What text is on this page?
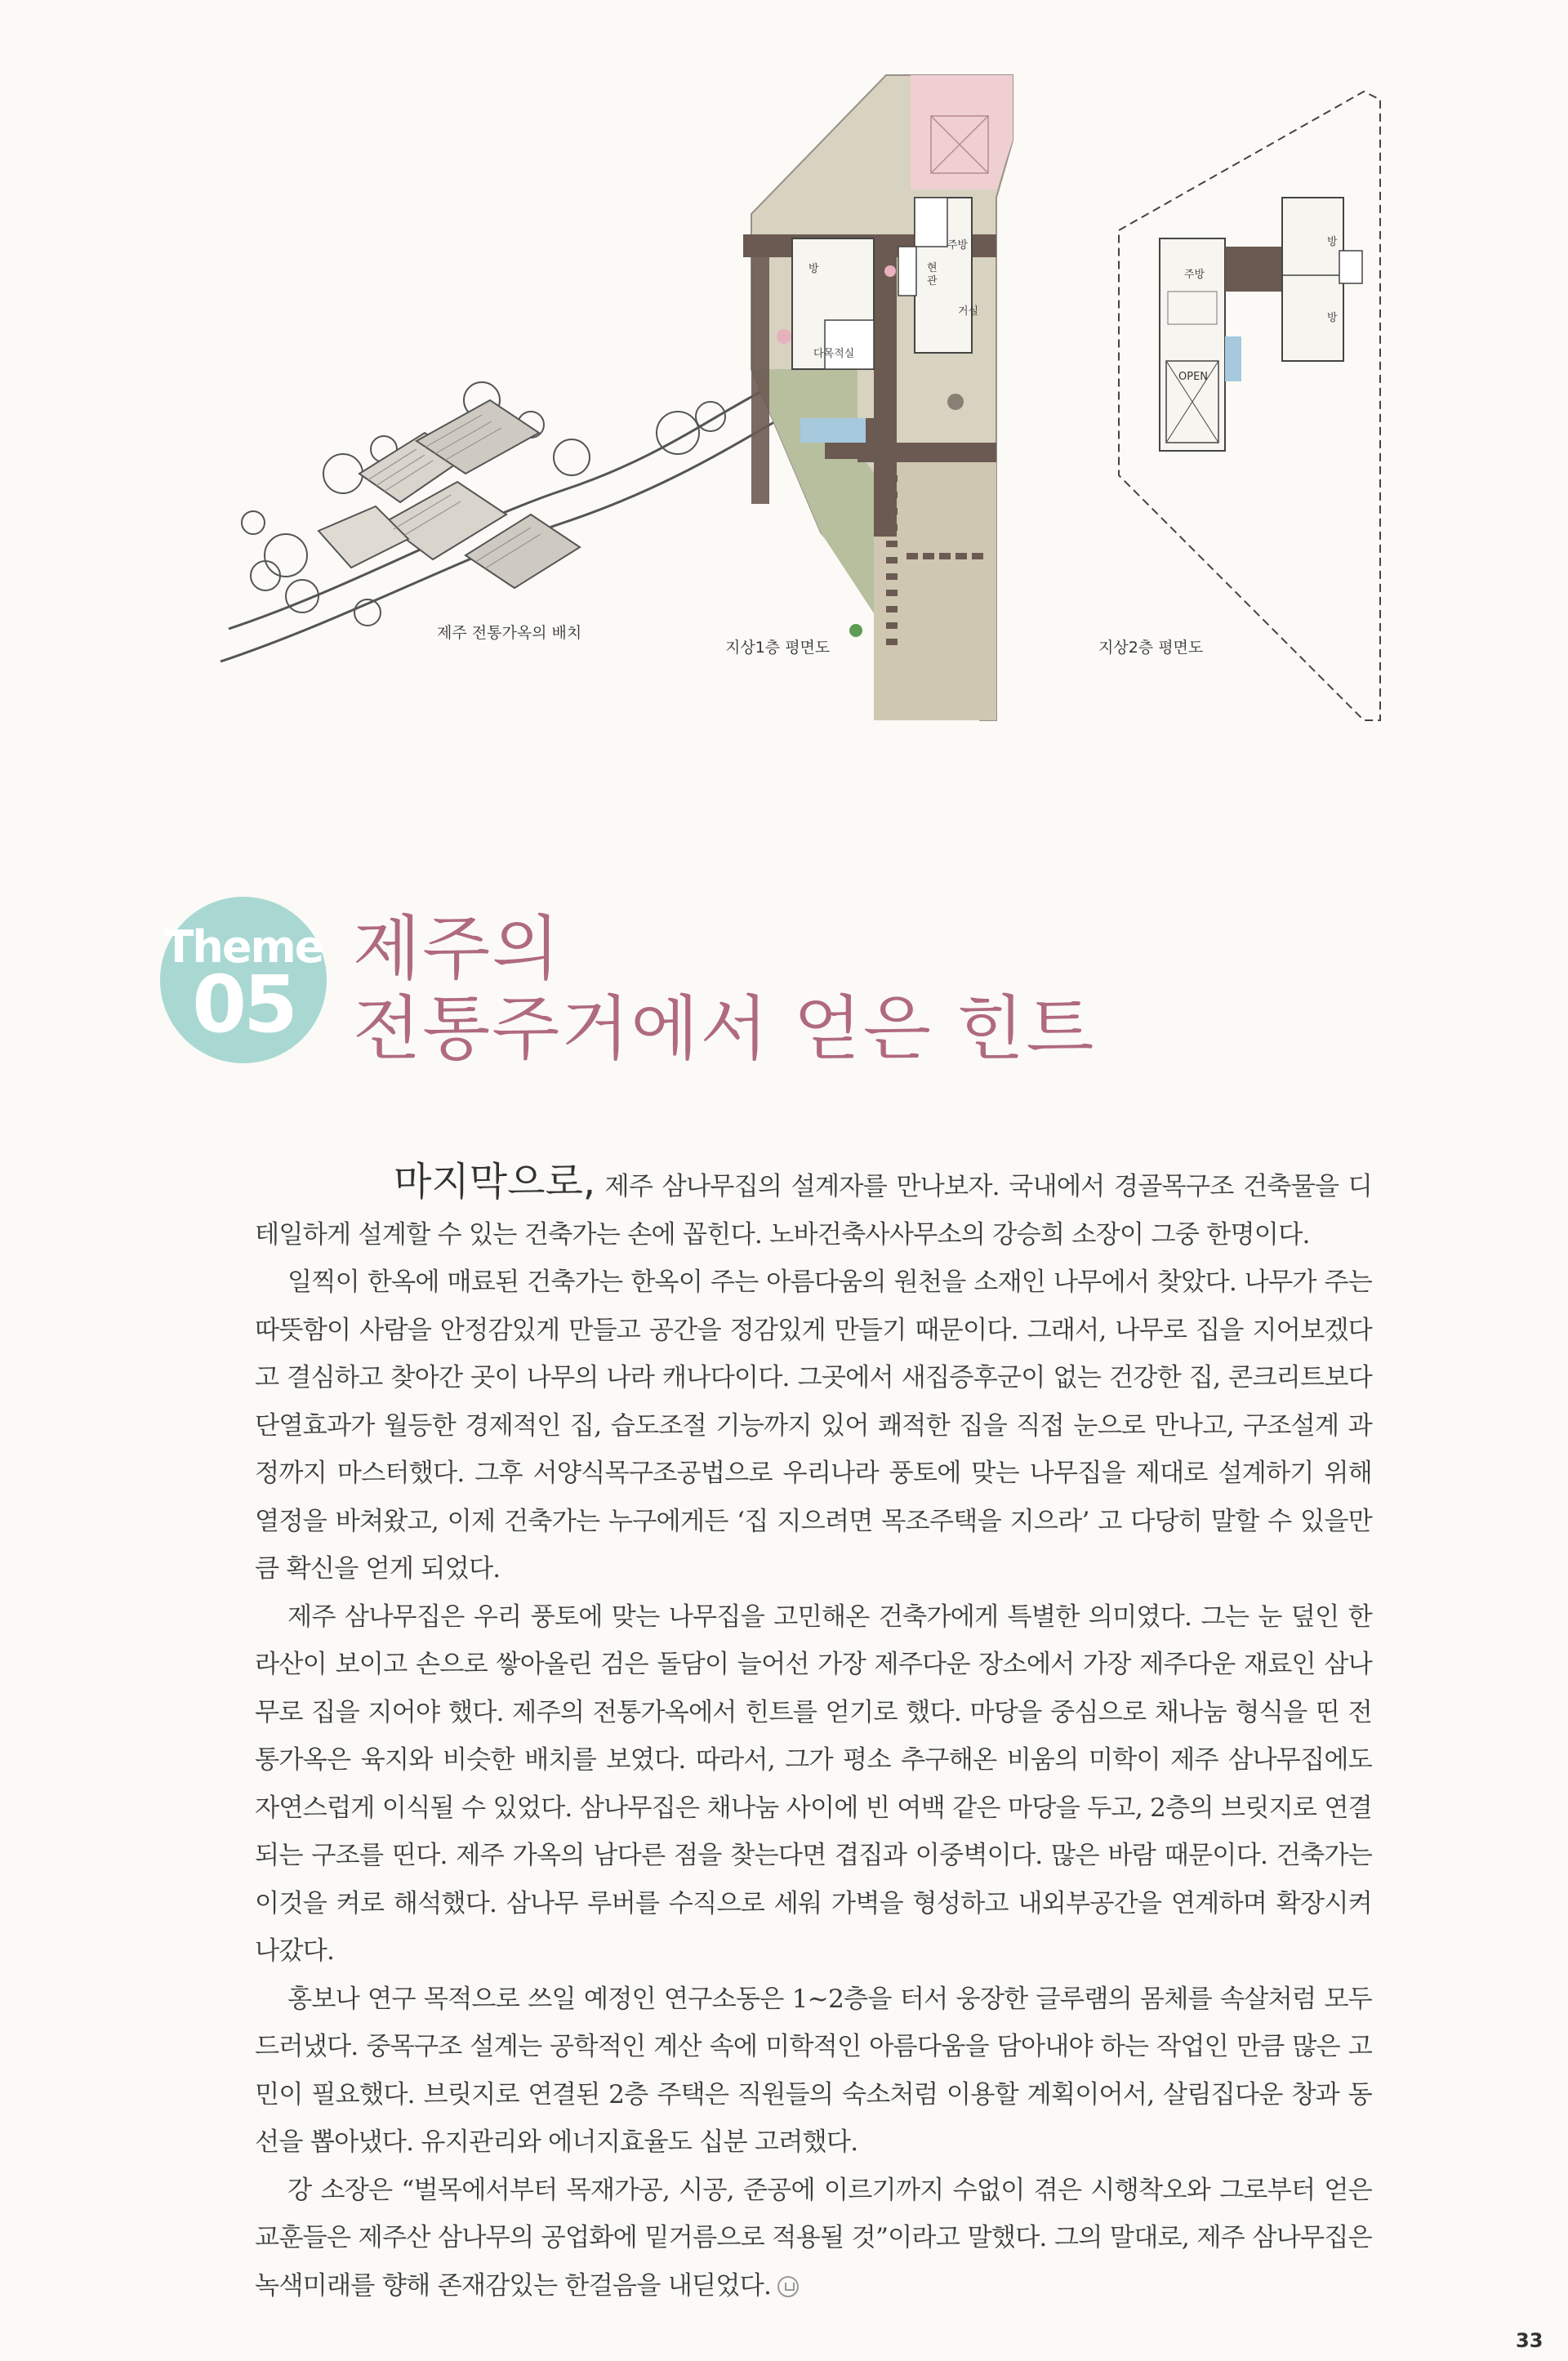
제주 전통가옥의 배치
방
주방
현
관
거실
다목적실
지상1층 평면도
주방
방
방
OPEN
지상2층 평면도
Theme
05
제주의
전통주거에서 얻은 힌트

마지막으로, 제주 삼나무집의 설계자를 만나보자. 국내에서 경골목구조 건축물을 디테일하게 설계할 수 있는 건축가는 손에 꼽힌다. 노바건축사사무소의 강승희 소장이 그중 한명이다.

일찍이 한옥에 매료된 건축가는 한옥이 주는 아름다움의 원천을 소재인 나무에서 찾았다. 나무가 주는 따뜻함이 사람을 안정감있게 만들고 공간을 정감있게 만들기 때문이다. 그래서, 나무로 집을 지어보겠다고 결심하고 찾아간 곳이 나무의 나라 캐나다이다. 그곳에서 새집증후군이 없는 건강한 집, 콘크리트보다 단열효과가 월등한 경제적인 집, 습도조절 기능까지 있어 쾌적한 집을 직접 눈으로 만나고, 구조설계 과정까지 마스터했다. 그후 서양식목구조공법으로 우리나라 풍토에 맞는 나무집을 제대로 설계하기 위해 열정을 바쳐왔고, 이제 건축가는 누구에게든 ‘집 지으려면 목조주택을 지으라’ 고 다당히 말할 수 있을만큼 확신을 얻게 되었다.

제주 삼나무집은 우리 풍토에 맞는 나무집을 고민해온 건축가에게 특별한 의미였다. 그는 눈 덮인 한라산이 보이고 손으로 쌓아올린 검은 돌담이 늘어선 가장 제주다운 장소에서 가장 제주다운 재료인 삼나무로 집을 지어야 했다. 제주의 전통가옥에서 힌트를 얻기로 했다. 마당을 중심으로 채나눔 형식을 띤 전통가옥은 육지와 비슷한 배치를 보였다. 따라서, 그가 평소 추구해온 비움의 미학이 제주 삼나무집에도 자연스럽게 이식될 수 있었다. 삼나무집은 채나눔 사이에 빈 여백 같은 마당을 두고, 2층의 브릿지로 연결되는 구조를 띤다. 제주 가옥의 남다른 점을 찾는다면 겹집과 이중벽이다. 많은 바람 때문이다. 건축가는 이것을 켜로 해석했다. 삼나무 루버를 수직으로 세워 가벽을 형성하고 내외부공간을 연계하며 확장시켜 나갔다.

홍보나 연구 목적으로 쓰일 예정인 연구소동은 1~2층을 터서 웅장한 글루램의 몸체를 속살처럼 모두 드러냈다. 중목구조 설계는 공학적인 계산 속에 미학적인 아름다움을 담아내야 하는 작업인 만큼 많은 고민이 필요했다. 브릿지로 연결된 2층 주택은 직원들의 숙소처럼 이용할 계획이어서, 살림집다운 창과 동선을 뽑아냈다. 유지관리와 에너지효율도 십분 고려했다.

강 소장은 “벌목에서부터 목재가공, 시공, 준공에 이르기까지 수없이 겪은 시행착오와 그로부터 얻은 교훈들은 제주산 삼나무의 공업화에 밑거름으로 적용될 것”이라고 말했다. 그의 말대로, 제주 삼나무집은 녹색미래를 향해 존재감있는 한걸음을 내딛었다.

33
